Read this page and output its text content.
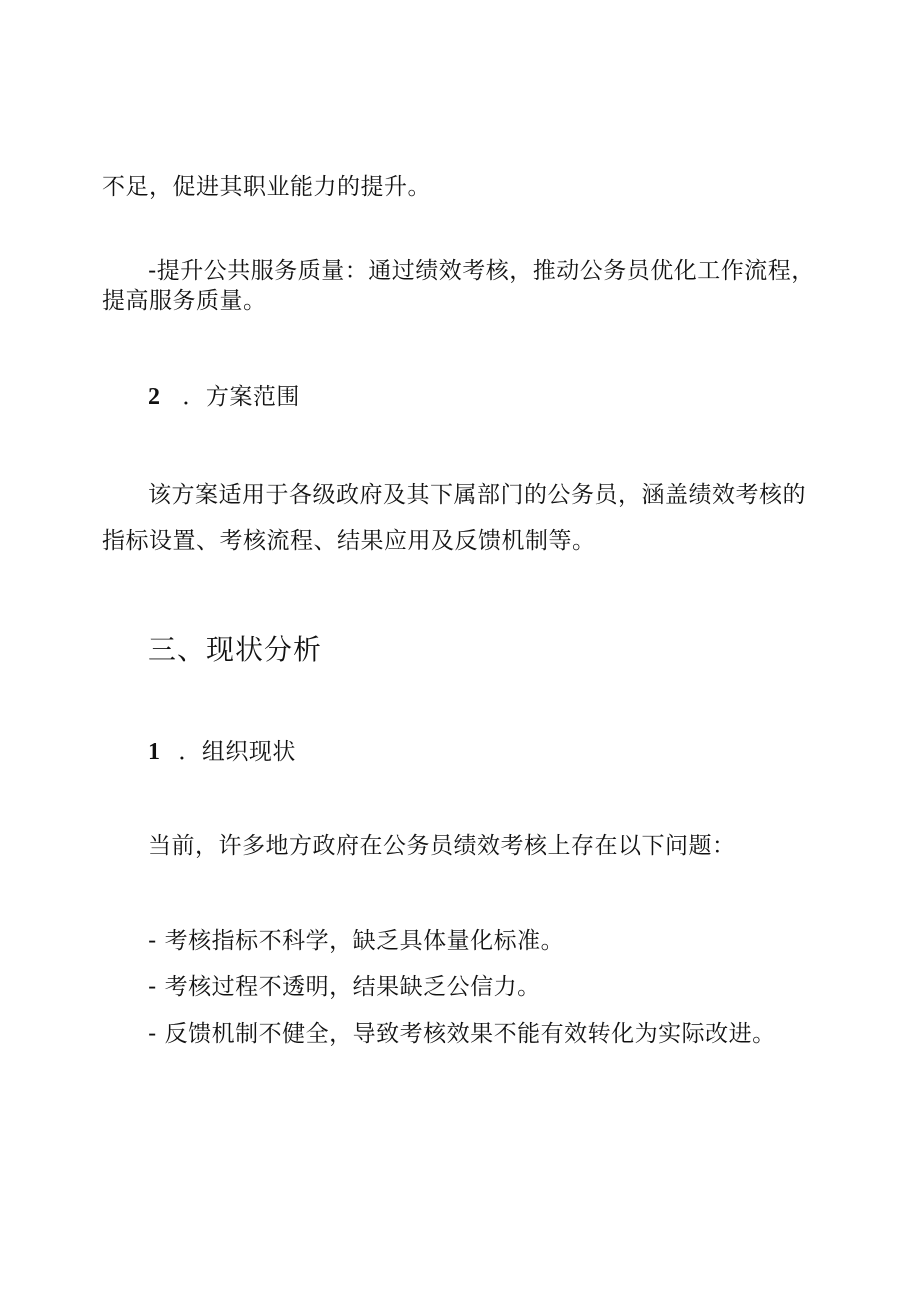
不足，促进其职业能力的提升。
-提升公共服务质量：通过绩效考核，推动公务员优化工作流程，
提高服务质量。
2 ．方案范围
该方案适用于各级政府及其下属部门的公务员，涵盖绩效考核的
指标设置、考核流程、结果应用及反馈机制等。
三、现状分析
1 ．组织现状
当前，许多地方政府在公务员绩效考核上存在以下问题：
- 考核指标不科学，缺乏具体量化标准。
- 考核过程不透明，结果缺乏公信力。
- 反馈机制不健全，导致考核效果不能有效转化为实际改进。
